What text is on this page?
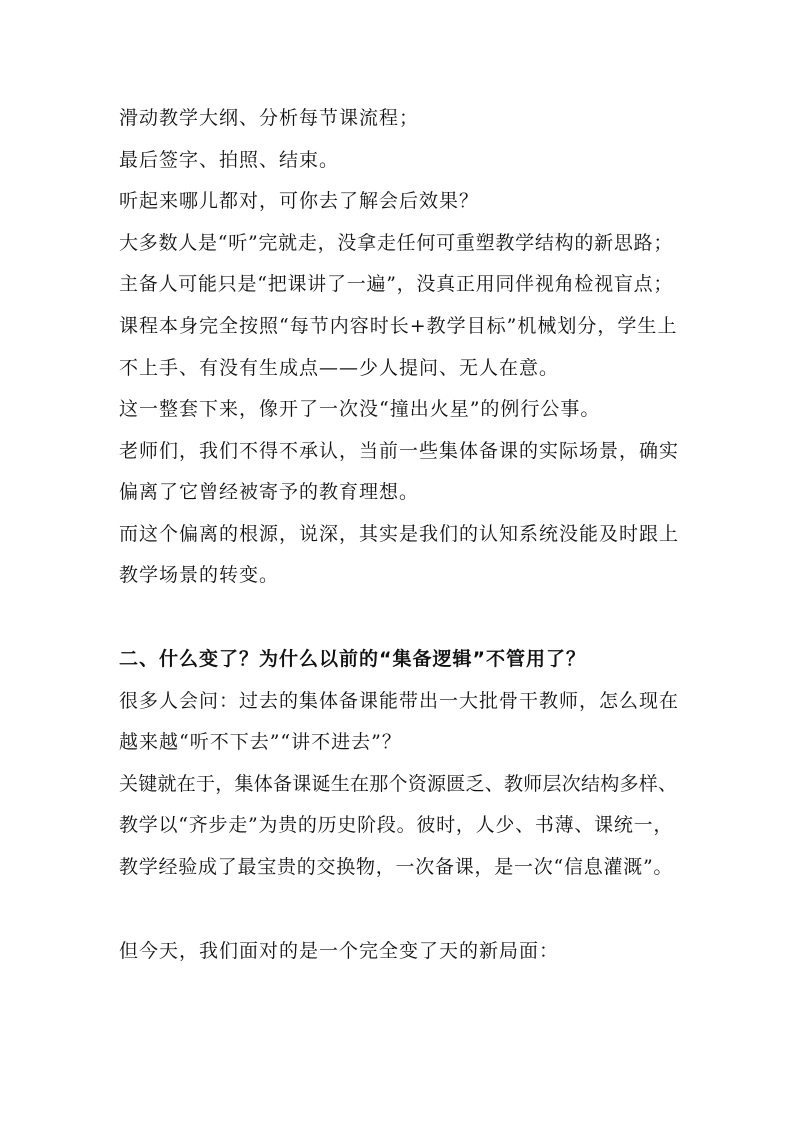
滑动教学大纲、分析每节课流程；
最后签字、拍照、结束。
听起来哪儿都对，可你去了解会后效果？
大多数人是“听”完就走，没拿走任何可重塑教学结构的新思路；
主备人可能只是“把课讲了一遍”，没真正用同伴视角检视盲点；
课程本身完全按照“每节内容时长+教学目标”机械划分，学生上
不上手、有没有生成点——少人提问、无人在意。
这一整套下来，像开了一次没“撞出火星”的例行公事。
老师们，我们不得不承认，当前一些集体备课的实际场景，确实
偏离了它曾经被寄予的教育理想。
而这个偏离的根源，说深，其实是我们的认知系统没能及时跟上
教学场景的转变。
二、什么变了？为什么以前的“集备逻辑”不管用了？
很多人会问：过去的集体备课能带出一大批骨干教师，怎么现在
越来越“听不下去”“讲不进去”？
关键就在于，集体备课诞生在那个资源匮乏、教师层次结构多样、
教学以“齐步走”为贵的历史阶段。彼时，人少、书薄、课统一，
教学经验成了最宝贵的交换物，一次备课，是一次“信息灌溉”。
但今天，我们面对的是一个完全变了天的新局面：
